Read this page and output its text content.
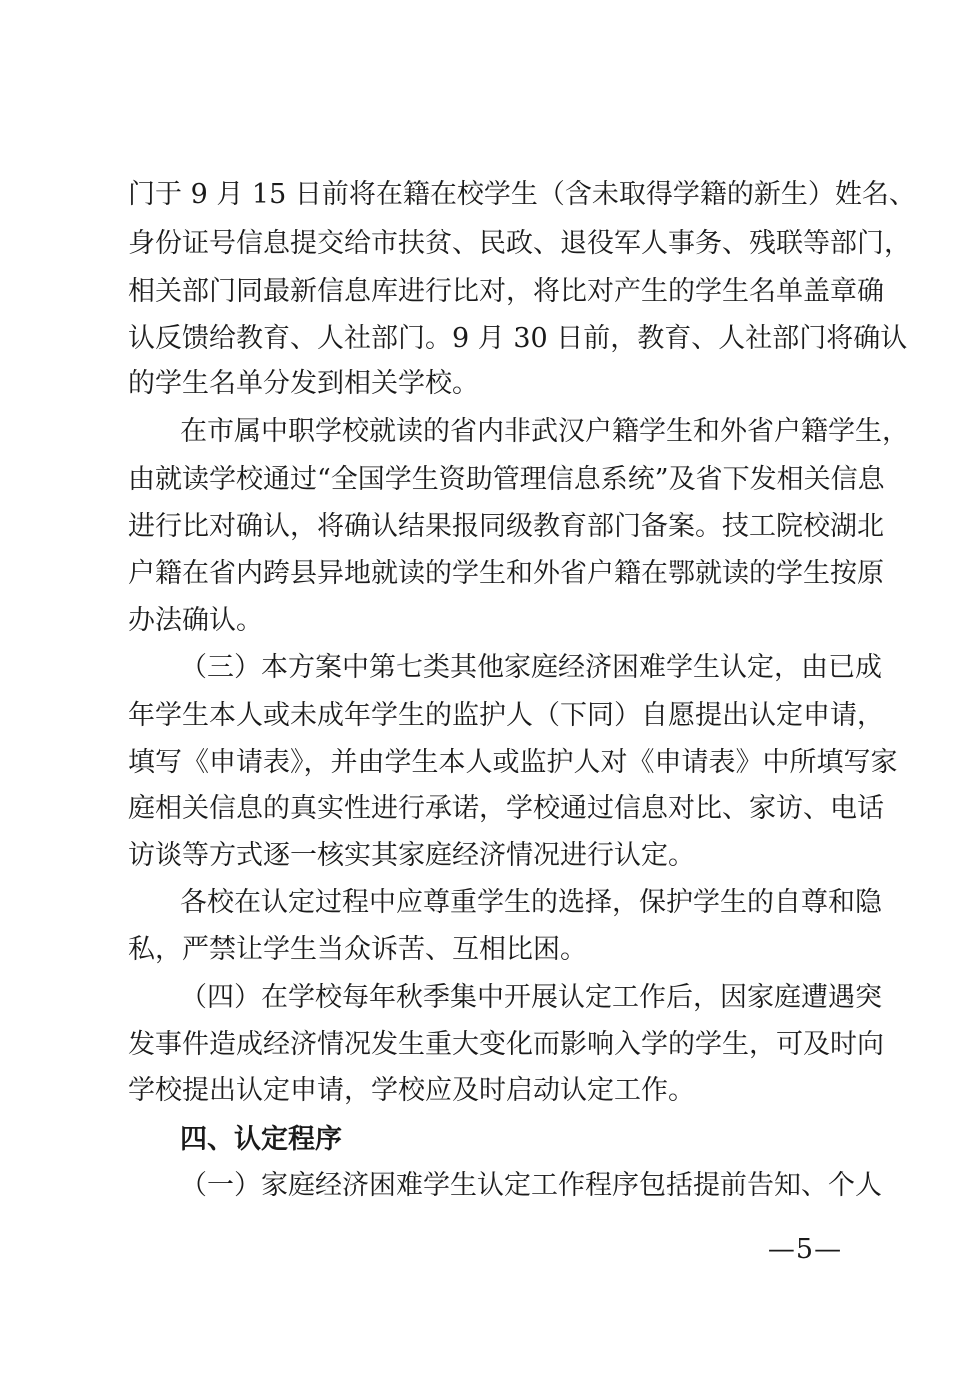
门于 9 月 15 日前将在籍在校学生（含未取得学籍的新生）姓名、
身份证号信息提交给市扶贫、民政、退役军人事务、残联等部门，
相关部门同最新信息库进行比对，将比对产生的学生名单盖章确
认反馈给教育、人社部门。9 月 30 日前，教育、人社部门将确认
的学生名单分发到相关学校。
在市属中职学校就读的省内非武汉户籍学生和外省户籍学生，
由就读学校通过“全国学生资助管理信息系统”及省下发相关信息
进行比对确认，将确认结果报同级教育部门备案。技工院校湖北
户籍在省内跨县异地就读的学生和外省户籍在鄂就读的学生按原
办法确认。
（三）本方案中第七类其他家庭经济困难学生认定，由已成
年学生本人或未成年学生的监护人（下同）自愿提出认定申请，
填写《申请表》，并由学生本人或监护人对《申请表》中所填写家
庭相关信息的真实性进行承诺，学校通过信息对比、家访、电话
访谈等方式逐一核实其家庭经济情况进行认定。
各校在认定过程中应尊重学生的选择，保护学生的自尊和隐
私，严禁让学生当众诉苦、互相比困。
（四）在学校每年秋季集中开展认定工作后，因家庭遭遇突
发事件造成经济情况发生重大变化而影响入学的学生，可及时向
学校提出认定申请，学校应及时启动认定工作。
四、认定程序
（一）家庭经济困难学生认定工作程序包括提前告知、个人
—5—
